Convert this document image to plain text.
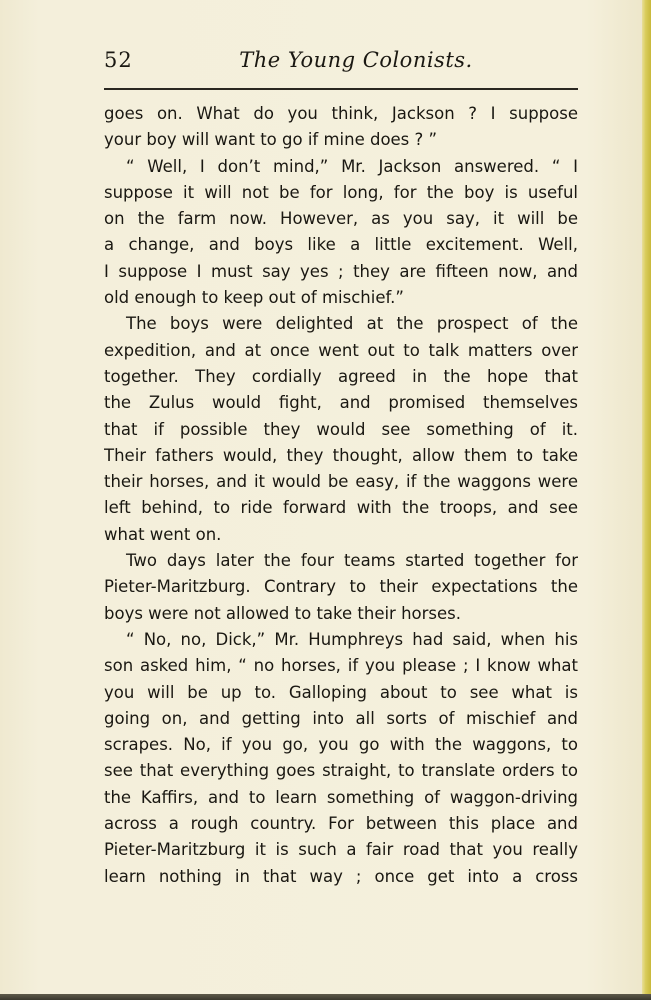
52	The Young Colonists.
goes on. What do you think, Jackson ? I suppose
your boy will want to go if mine does ? ”
“ Well, I don’t mind,” Mr. Jackson answered. “ I
suppose it will not be for long, for the boy is useful
on the farm now. However, as you say, it will be
a change, and boys like a little excitement. Well,
I suppose I must say yes ; they are fifteen now, and
old enough to keep out of mischief.”
The boys were delighted at the prospect of the
expedition, and at once went out to talk matters over
together. They cordially agreed in the hope that
the Zulus would fight, and promised themselves
that if possible they would see something of it.
Their fathers would, they thought, allow them to take
their horses, and it would be easy, if the waggons were
left behind, to ride forward with the troops, and see
what went on.
Two days later the four teams started together for
Pieter-Maritzburg. Contrary to their expectations the
boys were not allowed to take their horses.
“ No, no, Dick,” Mr. Humphreys had said, when his
son asked him, “ no horses, if you please ; I know what
you will be up to. Galloping about to see what is
going on, and getting into all sorts of mischief and
scrapes. No, if you go, you go with the waggons, to
see that everything goes straight, to translate orders to
the Kaffirs, and to learn something of waggon-driving
across a rough country. For between this place and
Pieter-Maritzburg it is such a fair road that you really
learn nothing in that way ; once get into a cross
